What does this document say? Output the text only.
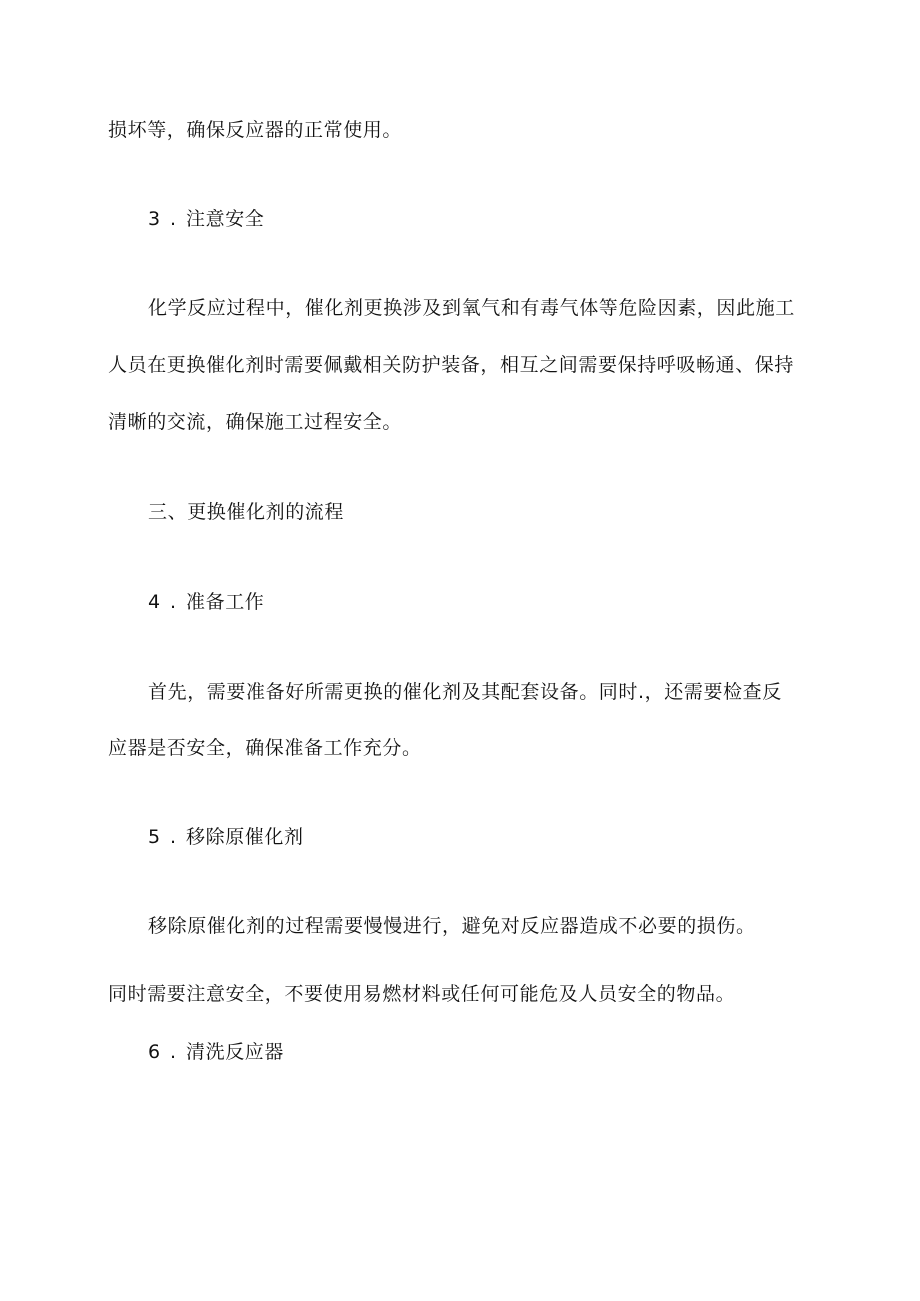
损坏等，确保反应器的正常使用。
3 . 注意安全
化学反应过程中，催化剂更换涉及到氧气和有毒气体等危险因素，因此施工
人员在更换催化剂时需要佩戴相关防护装备，相互之间需要保持呼吸畅通、保持
清晰的交流，确保施工过程安全。
三、更换催化剂的流程
4 . 准备工作
首先，需要准备好所需更换的催化剂及其配套设备。同时.，还需要检查反
应器是否安全，确保准备工作充分。
5 . 移除原催化剂
移除原催化剂的过程需要慢慢进行，避免对反应器造成不必要的损伤。
同时需要注意安全，不要使用易燃材料或任何可能危及人员安全的物品。
6 . 清洗反应器
